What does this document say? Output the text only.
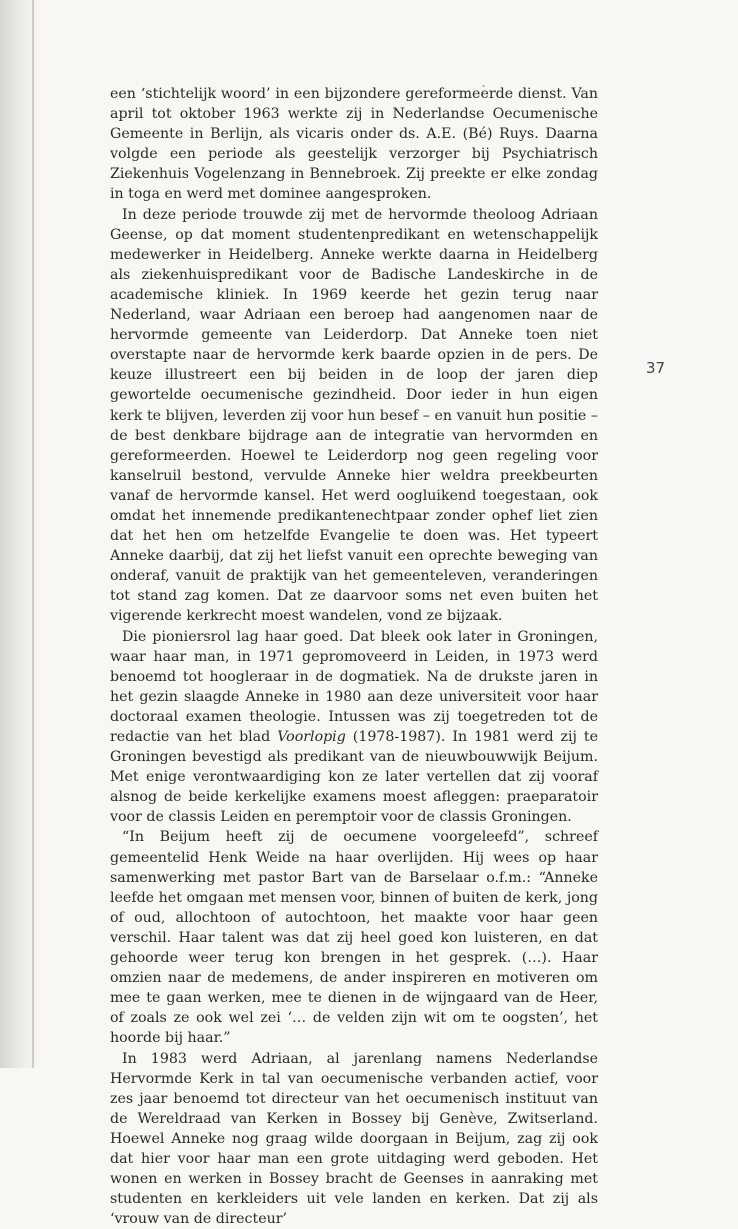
een ‘stichtelijk woord’ in een bijzondere gereformeerde dienst. Van april tot oktober 1963 werkte zij in Nederlandse Oecumenische Gemeente in Berlijn, als vicaris onder ds. A.E. (Bé) Ruys. Daarna volgde een periode als geestelijk verzorger bij Psychiatrisch Ziekenhuis Vogelenzang in Bennebroek. Zij preekte er elke zondag in toga en werd met dominee aangesproken.

In deze periode trouwde zij met de hervormde theoloog Adriaan Geense, op dat moment studentenpredikant en wetenschappelijk medewerker in Heidelberg. Anneke werkte daarna in Heidelberg als ziekenhuispredikant voor de Badische Landeskirche in de academische kliniek. In 1969 keerde het gezin terug naar Nederland, waar Adriaan een beroep had aangenomen naar de hervormde gemeente van Leiderdorp. Dat Anneke toen niet overstapte naar de hervormde kerk baarde opzien in de pers. De keuze illustreert een bij beiden in de loop der jaren diep gewortelde oecumenische gezindheid. Door ieder in hun eigen kerk te blijven, leverden zij voor hun besef – en vanuit hun positie – de best denkbare bijdrage aan de integratie van hervormden en gereformeerden. Hoewel te Leiderdorp nog geen regeling voor kanselruil bestond, vervulde Anneke hier weldra preekbeurten vanaf de hervormde kansel. Het werd oogluikend toegestaan, ook omdat het innemende predikantenechtpaar zonder ophef liet zien dat het hen om hetzelfde Evangelie te doen was. Het typeert Anneke daarbij, dat zij het liefst vanuit een oprechte beweging van onderaf, vanuit de praktijk van het gemeenteleven, veranderingen tot stand zag komen. Dat ze daarvoor soms net even buiten het vigerende kerkrecht moest wandelen, vond ze bijzaak.

Die pioniersrol lag haar goed. Dat bleek ook later in Groningen, waar haar man, in 1971 gepromoveerd in Leiden, in 1973 werd benoemd tot hoogleraar in de dogmatiek. Na de drukste jaren in het gezin slaagde Anneke in 1980 aan deze universiteit voor haar doctoraal examen theologie. Intussen was zij toegetreden tot de redactie van het blad Voorlopig (1978-1987). In 1981 werd zij te Groningen bevestigd als predikant van de nieuwbouwwijk Beijum. Met enige verontwaardiging kon ze later vertellen dat zij vooraf alsnog de beide kerkelijke examens moest afleggen: praeparatoir voor de classis Leiden en peremptoir voor de classis Groningen.

“In Beijum heeft zij de oecumene voorgeleefd”, schreef gemeentelid Henk Weide na haar overlijden. Hij wees op haar samenwerking met pastor Bart van de Barselaar o.f.m.: “Anneke leefde het omgaan met mensen voor, binnen of buiten de kerk, jong of oud, allochtoon of autochtoon, het maakte voor haar geen verschil. Haar talent was dat zij heel goed kon luisteren, en dat gehoorde weer terug kon brengen in het gesprek. (…). Haar omzien naar de medemens, de ander inspireren en motiveren om mee te gaan werken, mee te dienen in de wijngaard van de Heer, of zoals ze ook wel zei ‘… de velden zijn wit om te oogsten’, het hoorde bij haar.”

In 1983 werd Adriaan, al jarenlang namens Nederlandse Hervormde Kerk in tal van oecumenische verbanden actief, voor zes jaar benoemd tot directeur van het oecumenisch instituut van de Wereldraad van Kerken in Bossey bij Genève, Zwitserland. Hoewel Anneke nog graag wilde doorgaan in Beijum, zag zij ook dat hier voor haar man een grote uitdaging werd geboden. Het wonen en werken in Bossey bracht de Geenses in aanraking met studenten en kerkleiders uit vele landen en kerken. Dat zij als ‘vrouw van de directeur’

37
